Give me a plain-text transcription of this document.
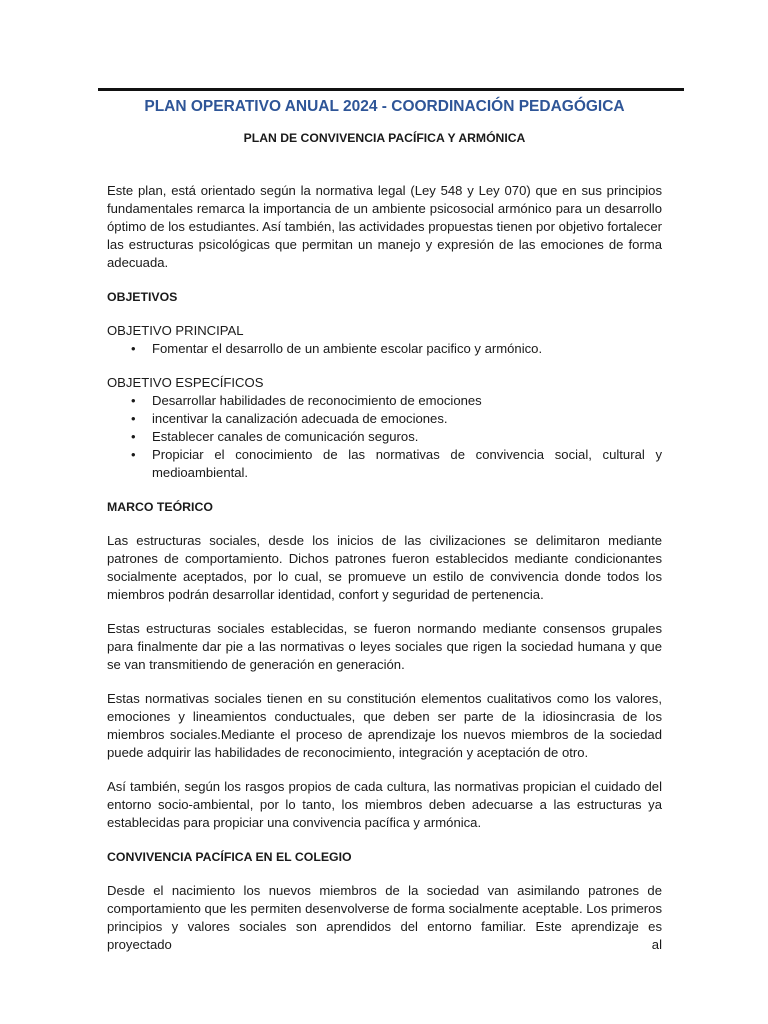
PLAN OPERATIVO ANUAL 2024 - COORDINACIÓN PEDAGÓGICA
PLAN DE CONVIVENCIA PACÍFICA Y ARMÓNICA

Este plan, está orientado según la normativa legal (Ley 548 y Ley 070) que en sus principios fundamentales remarca la importancia de un ambiente psicosocial armónico para un desarrollo óptimo de los estudiantes. Así también, las actividades propuestas tienen por objetivo fortalecer las estructuras psicológicas que permitan un manejo y expresión de las emociones de forma adecuada.

OBJETIVOS

OBJETIVO PRINCIPAL

• Fomentar el desarrollo de un ambiente escolar pacifico y armónico.

OBJETIVO ESPECÍFICOS

• Desarrollar habilidades de reconocimiento de emociones
• incentivar la canalización adecuada de emociones.
• Establecer canales de comunicación seguros.
• Propiciar el conocimiento de las normativas de convivencia social, cultural y medioambiental.

MARCO TEÓRICO

Las estructuras sociales, desde los inicios de las civilizaciones se delimitaron mediante patrones de comportamiento. Dichos patrones fueron establecidos mediante condicionantes socialmente aceptados, por lo cual, se promueve un estilo de convivencia donde todos los miembros podrán desarrollar identidad, confort y seguridad de pertenencia.

Estas estructuras sociales establecidas, se fueron normando mediante consensos grupales para finalmente dar pie a las normativas o leyes sociales que rigen la sociedad humana y que se van transmitiendo de generación en generación.

Estas normativas sociales tienen en su constitución elementos cualitativos como los valores, emociones y lineamientos conductuales, que deben ser parte de la idiosincrasia de los miembros sociales.Mediante el proceso de aprendizaje los nuevos miembros de la sociedad puede adquirir las habilidades de reconocimiento, integración y aceptación de otro.

Así también, según los rasgos propios de cada cultura, las normativas propician el cuidado del entorno socio-ambiental, por lo tanto, los miembros deben adecuarse a las estructuras ya establecidas para propiciar una convivencia pacífica y armónica.

CONVIVENCIA PACÍFICA EN EL COLEGIO

Desde el nacimiento los nuevos miembros de la sociedad van asimilando patrones de comportamiento que les permiten desenvolverse de forma socialmente aceptable. Los primeros principios y valores sociales son aprendidos del entorno familiar. Este aprendizaje es proyectado al
